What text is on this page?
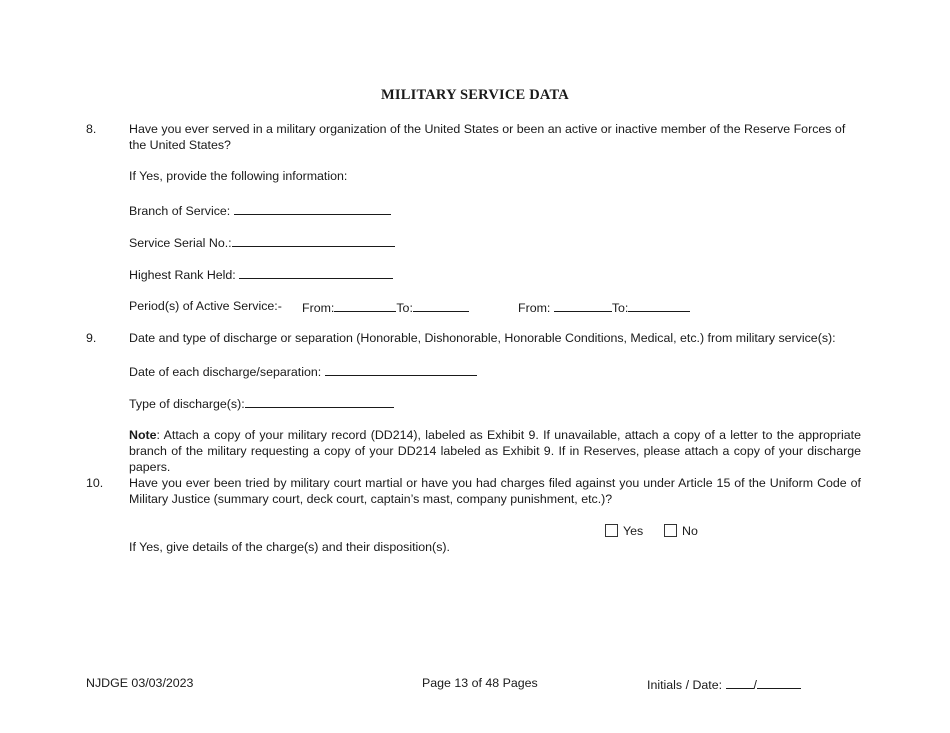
MILITARY SERVICE DATA
8.	Have you ever served in a military organization of the United States or been an active or inactive member of the Reserve Forces of the United States?
If Yes, provide the following information:
Branch of Service:
Service Serial No.:
Highest Rank Held:
Period(s) of Active Service:- From:	To:	From:	To:
9.	Date and type of discharge or separation (Honorable, Dishonorable, Honorable Conditions, Medical, etc.) from military service(s):
Date of each discharge/separation:
Type of discharge(s):
Note: Attach a copy of your military record (DD214), labeled as Exhibit 9. If unavailable, attach a copy of a letter to the appropriate branch of the military requesting a copy of your DD214 labeled as Exhibit 9. If in Reserves, please attach a copy of your discharge papers.
10. Have you ever been tried by military court martial or have you had charges filed against you under Article 15 of the Uniform Code of Military Justice (summary court, deck court, captain’s mast, company punishment, etc.)?
Yes	No
If Yes, give details of the charge(s) and their disposition(s).
NJDGE 03/03/2023	Page 13 of 48 Pages	Initials / Date:	/
